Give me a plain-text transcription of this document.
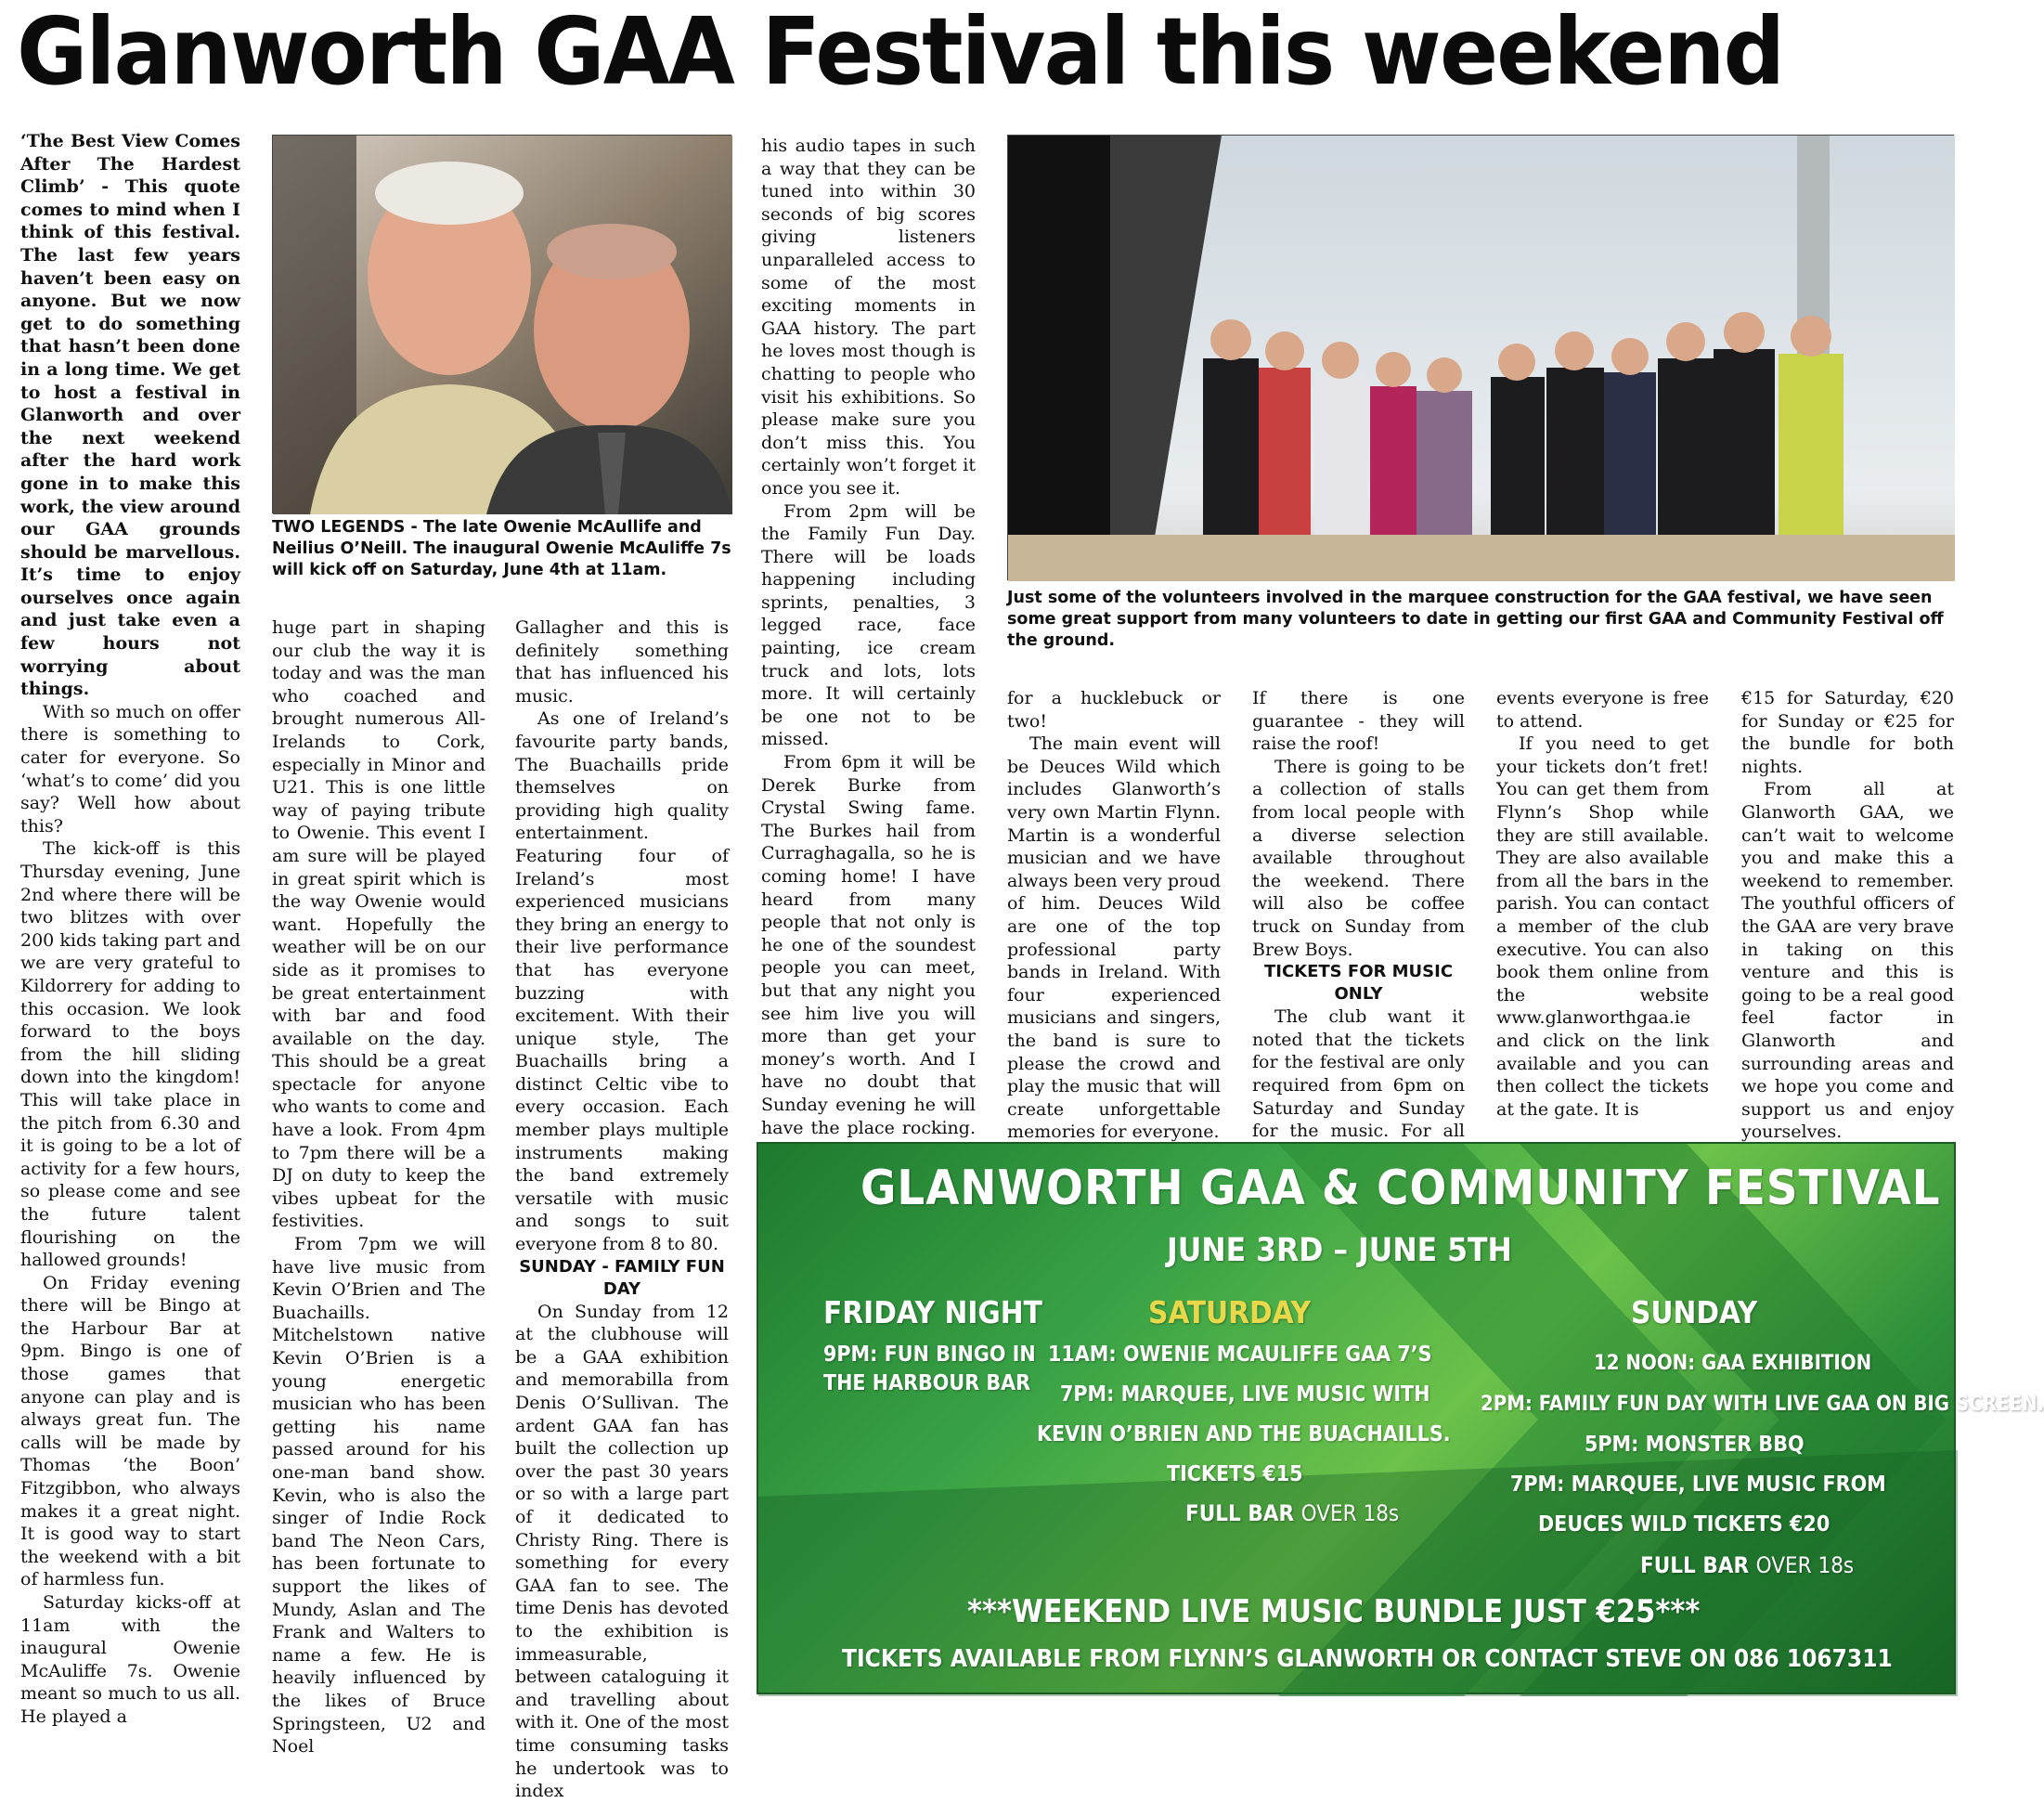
Glanworth GAA Festival this weekend

‘The Best View Comes After The Hardest Climb’ - This quote comes to mind when I think of this festival. The last few years haven’t been easy on anyone. But we now get to do something that hasn’t been done in a long time. We get to host a festival in Glanworth and over the next weekend after the hard work gone in to make this work, the view around our GAA grounds should be marvellous. It’s time to enjoy ourselves once again and just take even a few hours not worrying about things.

With so much on offer there is something to cater for everyone. So ‘what’s to come’ did you say? Well how about this?

The kick-off is this Thursday evening, June 2nd where there will be two blitzes with over 200 kids taking part and we are very grateful to Kildorrery for adding to this occasion. We look forward to the boys from the hill sliding down into the kingdom! This will take place in the pitch from 6.30 and it is going to be a lot of activity for a few hours, so please come and see the future talent flourishing on the hallowed grounds!

On Friday evening there will be Bingo at the Harbour Bar at 9pm. Bingo is one of those games that anyone can play and is always great fun. The calls will be made by Thomas ‘the Boon’ Fitzgibbon, who always makes it a great night. It is good way to start the weekend with a bit of harmless fun.

Saturday kicks-off at 11am with the inaugural Owenie McAuliffe 7s. Owenie meant so much to us all. He played a

TWO LEGENDS - The late Owenie McAullife and Neilius O’Neill. The inaugural Owenie McAuliffe 7s will kick off on Saturday, June 4th at 11am.

huge part in shaping our club the way it is today and was the man who coached and brought numerous All-Irelands to Cork, especially in Minor and U21. This is one little way of paying tribute to Owenie. This event I am sure will be played in great spirit which is the way Owenie would want. Hopefully the weather will be on our side as it promises to be great entertainment with bar and food available on the day. This should be a great spectacle for anyone who wants to come and have a look. From 4pm to 7pm there will be a DJ on duty to keep the vibes upbeat for the festivities.

From 7pm we will have live music from Kevin O’Brien and The Buachaills. Mitchelstown native Kevin O’Brien is a young energetic musician who has been getting his name passed around for his one-man band show. Kevin, who is also the singer of Indie Rock band The Neon Cars, has been fortunate to support the likes of Mundy, Aslan and The Frank and Walters to name a few. He is heavily influenced by the likes of Bruce Springsteen, U2 and Noel

Gallagher and this is definitely something that has influenced his music.

As one of Ireland’s favourite party bands, The Buachaills pride themselves on providing high quality entertainment. Featuring four of Ireland’s most experienced musicians they bring an energy to their live performance that has everyone buzzing with excitement. With their unique style, The Buachaills bring a distinct Celtic vibe to every occasion. Each member plays multiple instruments making the band extremely versatile with music and songs to suit everyone from 8 to 80.

SUNDAY - FAMILY FUN DAY

On Sunday from 12 at the clubhouse will be a GAA exhibition and memorabilla from Denis O’Sullivan. The ardent GAA fan has built the collection up over the past 30 years or so with a large part of it dedicated to Christy Ring. There is something for every GAA fan to see. The time Denis has devoted to the exhibition is immeasurable, between cataloguing it and travelling about with it. One of the most time consuming tasks he undertook was to index

his audio tapes in such a way that they can be tuned into within 30 seconds of big scores giving listeners unparalleled access to some of the most exciting moments in GAA history. The part he loves most though is chatting to people who visit his exhibitions. So please make sure you don’t miss this. You certainly won’t forget it once you see it.

From 2pm will be the Family Fun Day. There will be loads happening including sprints, penalties, 3 legged race, face painting, ice cream truck and lots, lots more. It will certainly be one not to be missed.

From 6pm it will be Derek Burke from Crystal Swing fame. The Burkes hail from Curraghagalla, so he is coming home! I have heard from many people that not only is he one of the soundest people you can meet, but that any night you see him live you will more than get your money’s worth. And I have no doubt that Sunday evening he will have the place rocking.

Just some of the volunteers involved in the marquee construction for the GAA festival, we have seen some great support from many volunteers to date in getting our first GAA and Community Festival off the ground.

for a hucklebuck or two!

The main event will be Deuces Wild which includes Glanworth’s very own Martin Flynn. Martin is a wonderful musician and we have always been very proud of him. Deuces Wild are one of the top professional party bands in Ireland. With four experienced musicians and singers, the band is sure to please the crowd and play the music that will create unforgettable memories for everyone.

If there is one guarantee - they will raise the roof!

There is going to be a collection of stalls from local people with a diverse selection available throughout the weekend. There will also be coffee truck on Sunday from Brew Boys.

TICKETS FOR MUSIC ONLY

The club want it noted that the tickets for the festival are only required from 6pm on Saturday and Sunday for the music. For all

events everyone is free to attend.

If you need to get your tickets don’t fret! You can get them from Flynn’s Shop while they are still available. They are also available from all the bars in the parish. You can contact a member of the club executive. You can also book them online from the website www.glanworthgaa.ie and click on the link available and you can then collect the tickets at the gate. It is

€15 for Saturday, €20 for Sunday or €25 for the bundle for both nights.

From all at Glanworth GAA, we can’t wait to welcome you and make this a weekend to remember. The youthful officers of the GAA are very brave in taking on this venture and this is going to be a real good feel factor in Glanworth and surrounding areas and we hope you come and support us and enjoy yourselves.

GLANWORTH GAA & COMMUNITY FESTIVAL
JUNE 3RD – JUNE 5TH
FRIDAY NIGHT
9PM: FUN BINGO IN
THE HARBOUR BAR
SATURDAY
11AM: OWENIE MCAULIFFE GAA 7’S
7PM: MARQUEE, LIVE MUSIC WITH
KEVIN O’BRIEN AND THE BUACHAILLS.
TICKETS €15
FULL BAR OVER 18s
SUNDAY
12 NOON: GAA EXHIBITION
2PM: FAMILY FUN DAY WITH LIVE GAA ON BIG SCREEN.
5PM: MONSTER BBQ
7PM: MARQUEE, LIVE MUSIC FROM
DEUCES WILD TICKETS €20
FULL BAR OVER 18s
***WEEKEND LIVE MUSIC BUNDLE JUST €25***
TICKETS AVAILABLE FROM FLYNN’S GLANWORTH OR CONTACT STEVE ON 086 1067311
